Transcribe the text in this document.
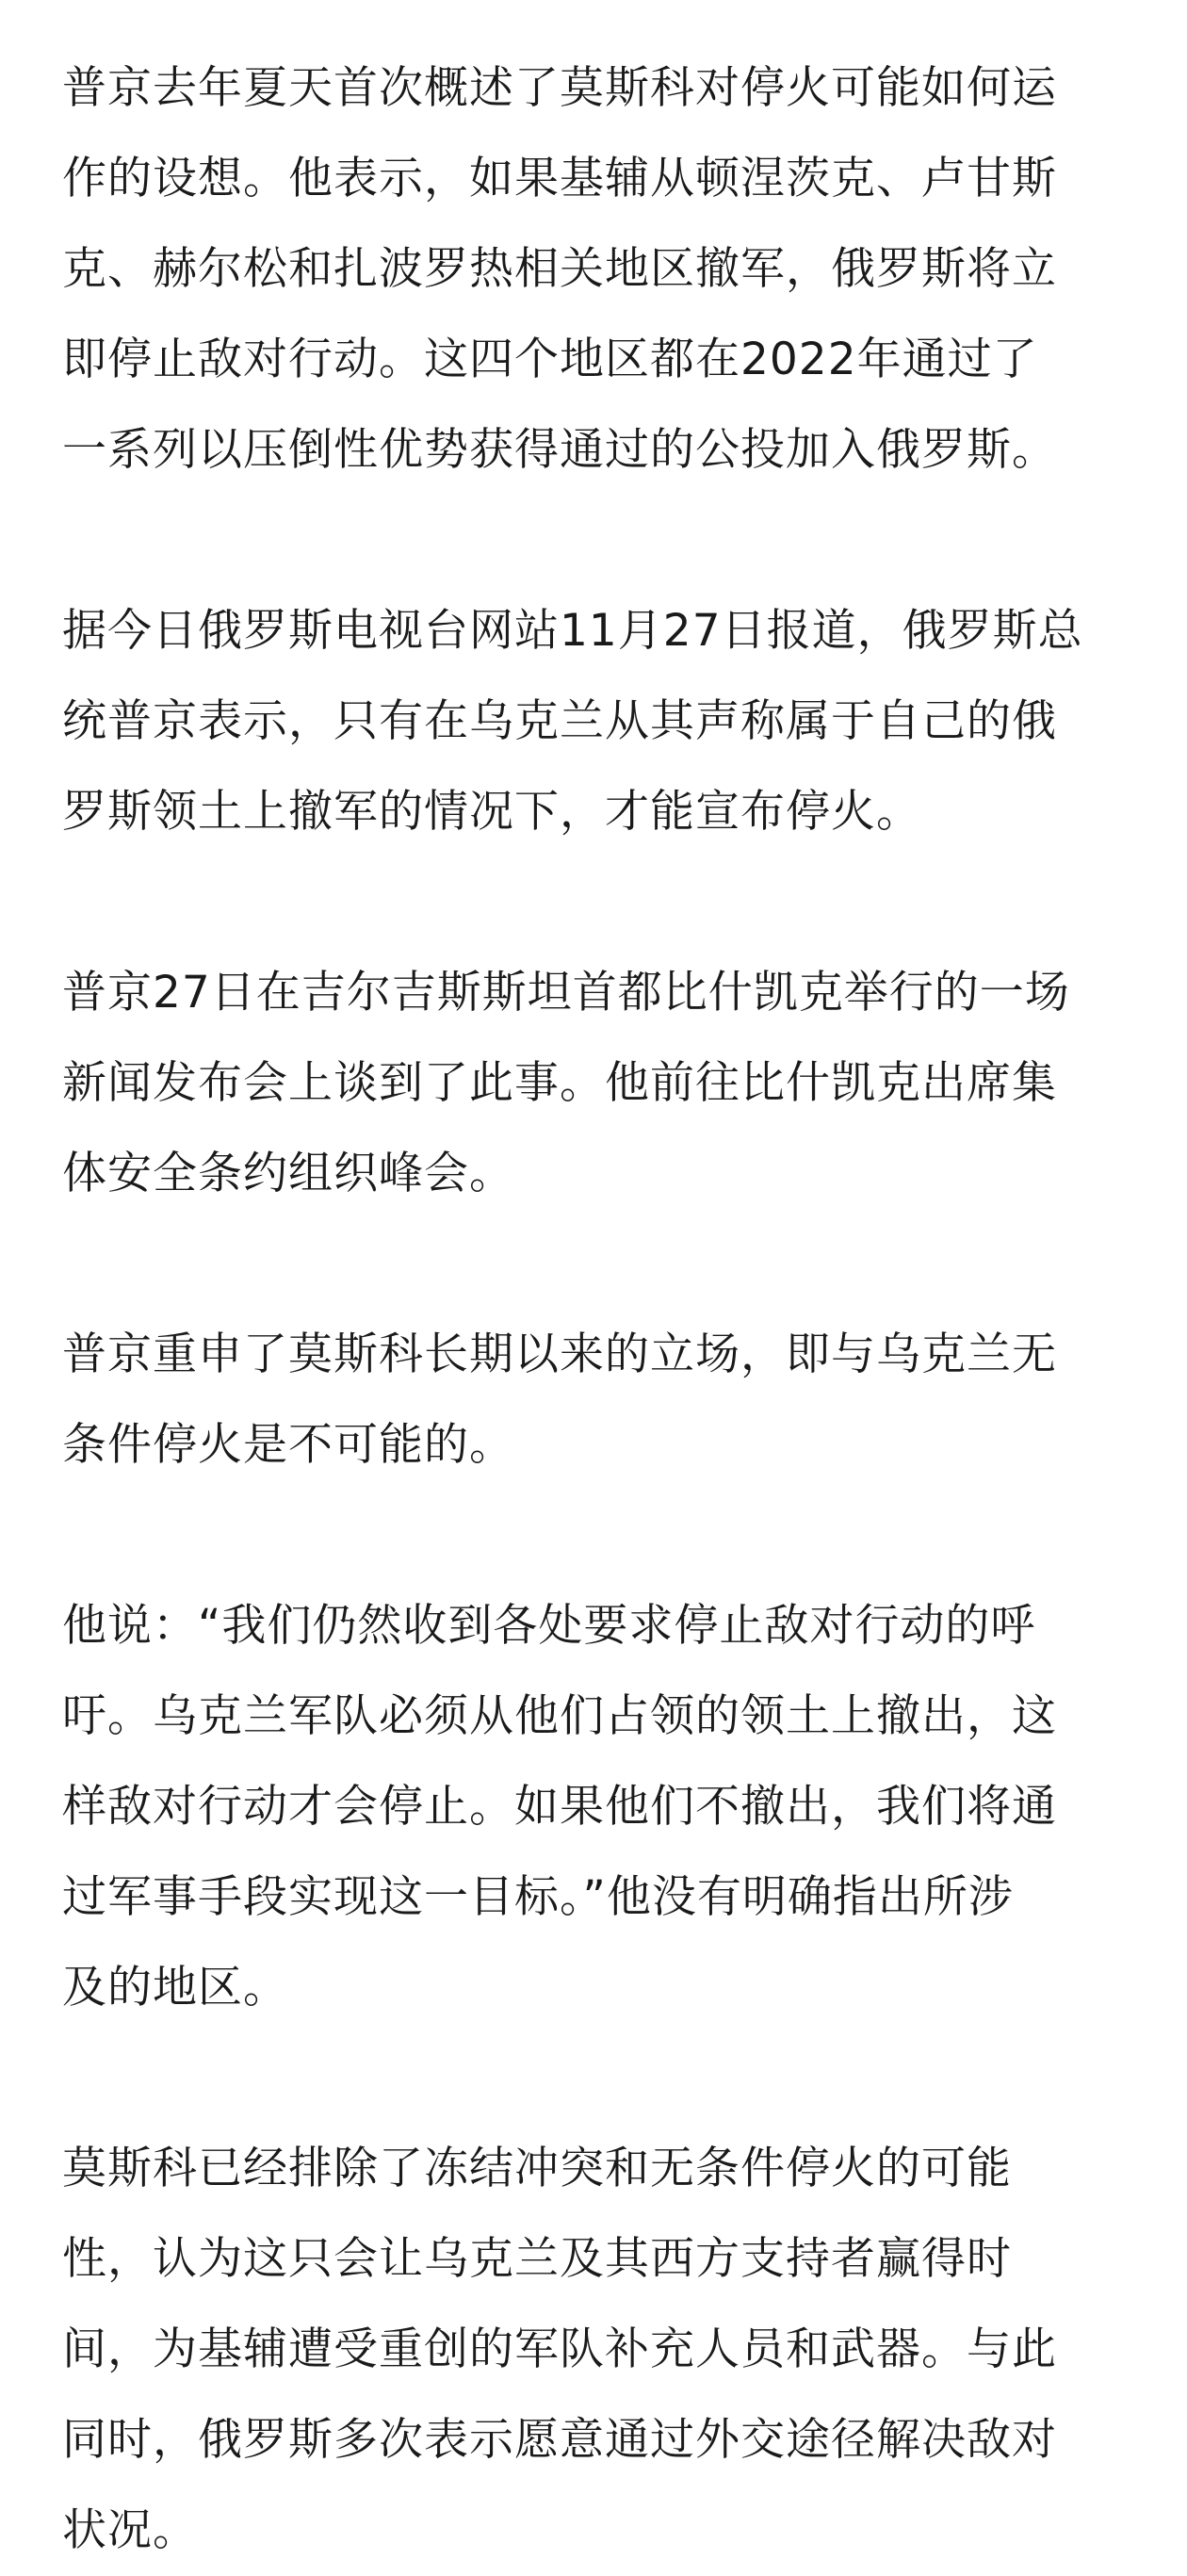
普京去年夏天首次概述了莫斯科对停火可能如何运
作的设想。他表示，如果基辅从顿涅茨克、卢甘斯
克、赫尔松和扎波罗热相关地区撤军，俄罗斯将立
即停止敌对行动。这四个地区都在2022年通过了
一系列以压倒性优势获得通过的公投加入俄罗斯。

据今日俄罗斯电视台网站11月27日报道，俄罗斯总
统普京表示，只有在乌克兰从其声称属于自己的俄
罗斯领土上撤军的情况下，才能宣布停火。

普京27日在吉尔吉斯斯坦首都比什凯克举行的一场
新闻发布会上谈到了此事。他前往比什凯克出席集
体安全条约组织峰会。

普京重申了莫斯科长期以来的立场，即与乌克兰无
条件停火是不可能的。

他说：“我们仍然收到各处要求停止敌对行动的呼
吁。乌克兰军队必须从他们占领的领土上撤出，这
样敌对行动才会停止。如果他们不撤出，我们将通
过军事手段实现这一目标。”他没有明确指出所涉
及的地区。

莫斯科已经排除了冻结冲突和无条件停火的可能
性，认为这只会让乌克兰及其西方支持者赢得时
间，为基辅遭受重创的军队补充人员和武器。与此
同时，俄罗斯多次表示愿意通过外交途径解决敌对
状况。
